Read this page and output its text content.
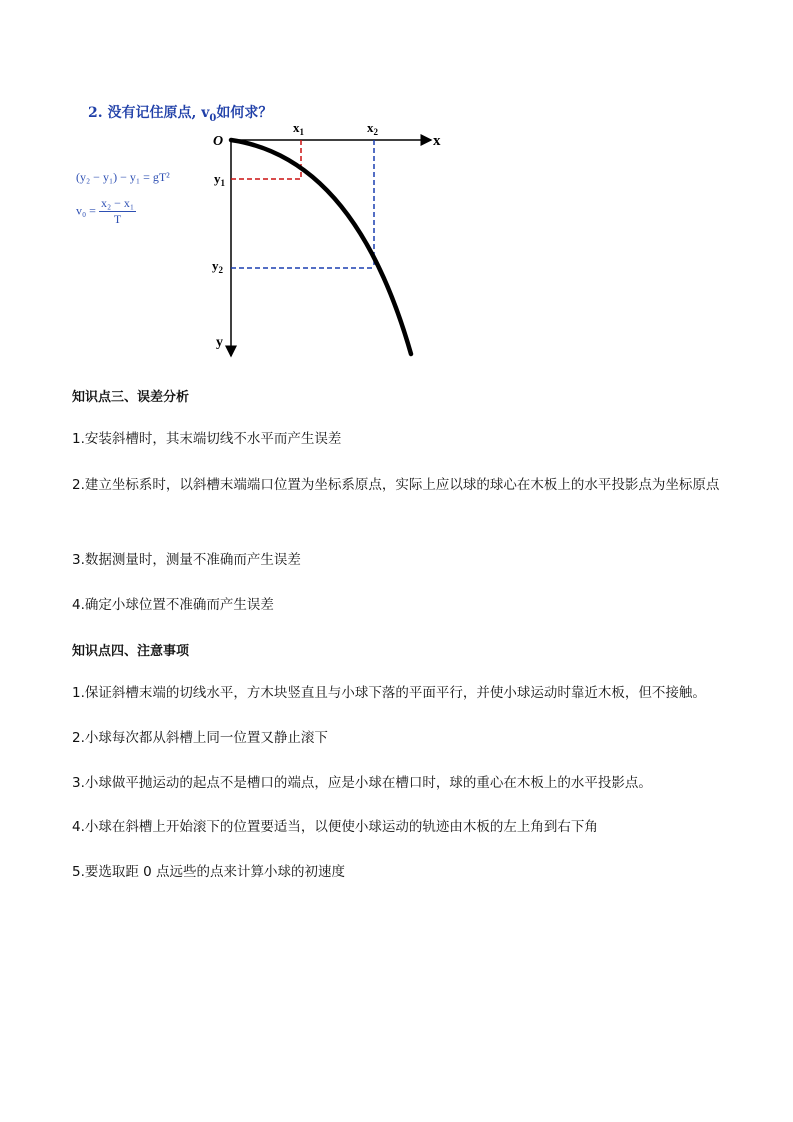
2. 没有记住原点, $v_0$如何求？
(y₂ − y₁) − y₁ = gT²
$v_0 = \frac{\text{x₂ − x₁}}{T}$
O	x
y
$x_1$	$x_2$
$y_1$
$y_2$
知识点三、误差分析
1.安装斜槽时，其末端切线不水平而产生误差
2.建立坐标系时，以斜槽末端端口位置为坐标系原点，实际上应以球的球心在木板上的水平投影点为坐标原点
3.数据测量时，测量不准确而产生误差
4.确定小球位置不准确而产生误差
知识点四、注意事项
1.保证斜槽末端的切线水平，方木块竖直且与小球下落的平面平行，并使小球运动时靠近木板，但不接触。
2.小球每次都从斜槽上同一位置又静止滚下
3.小球做平抛运动的起点不是槽口的端点，应是小球在槽口时，球的重心在木板上的水平投影点。
4.小球在斜槽上开始滚下的位置要适当，以便使小球运动的轨迹由木板的左上角到右下角
5.要选取距 0 点远些的点来计算小球的初速度
